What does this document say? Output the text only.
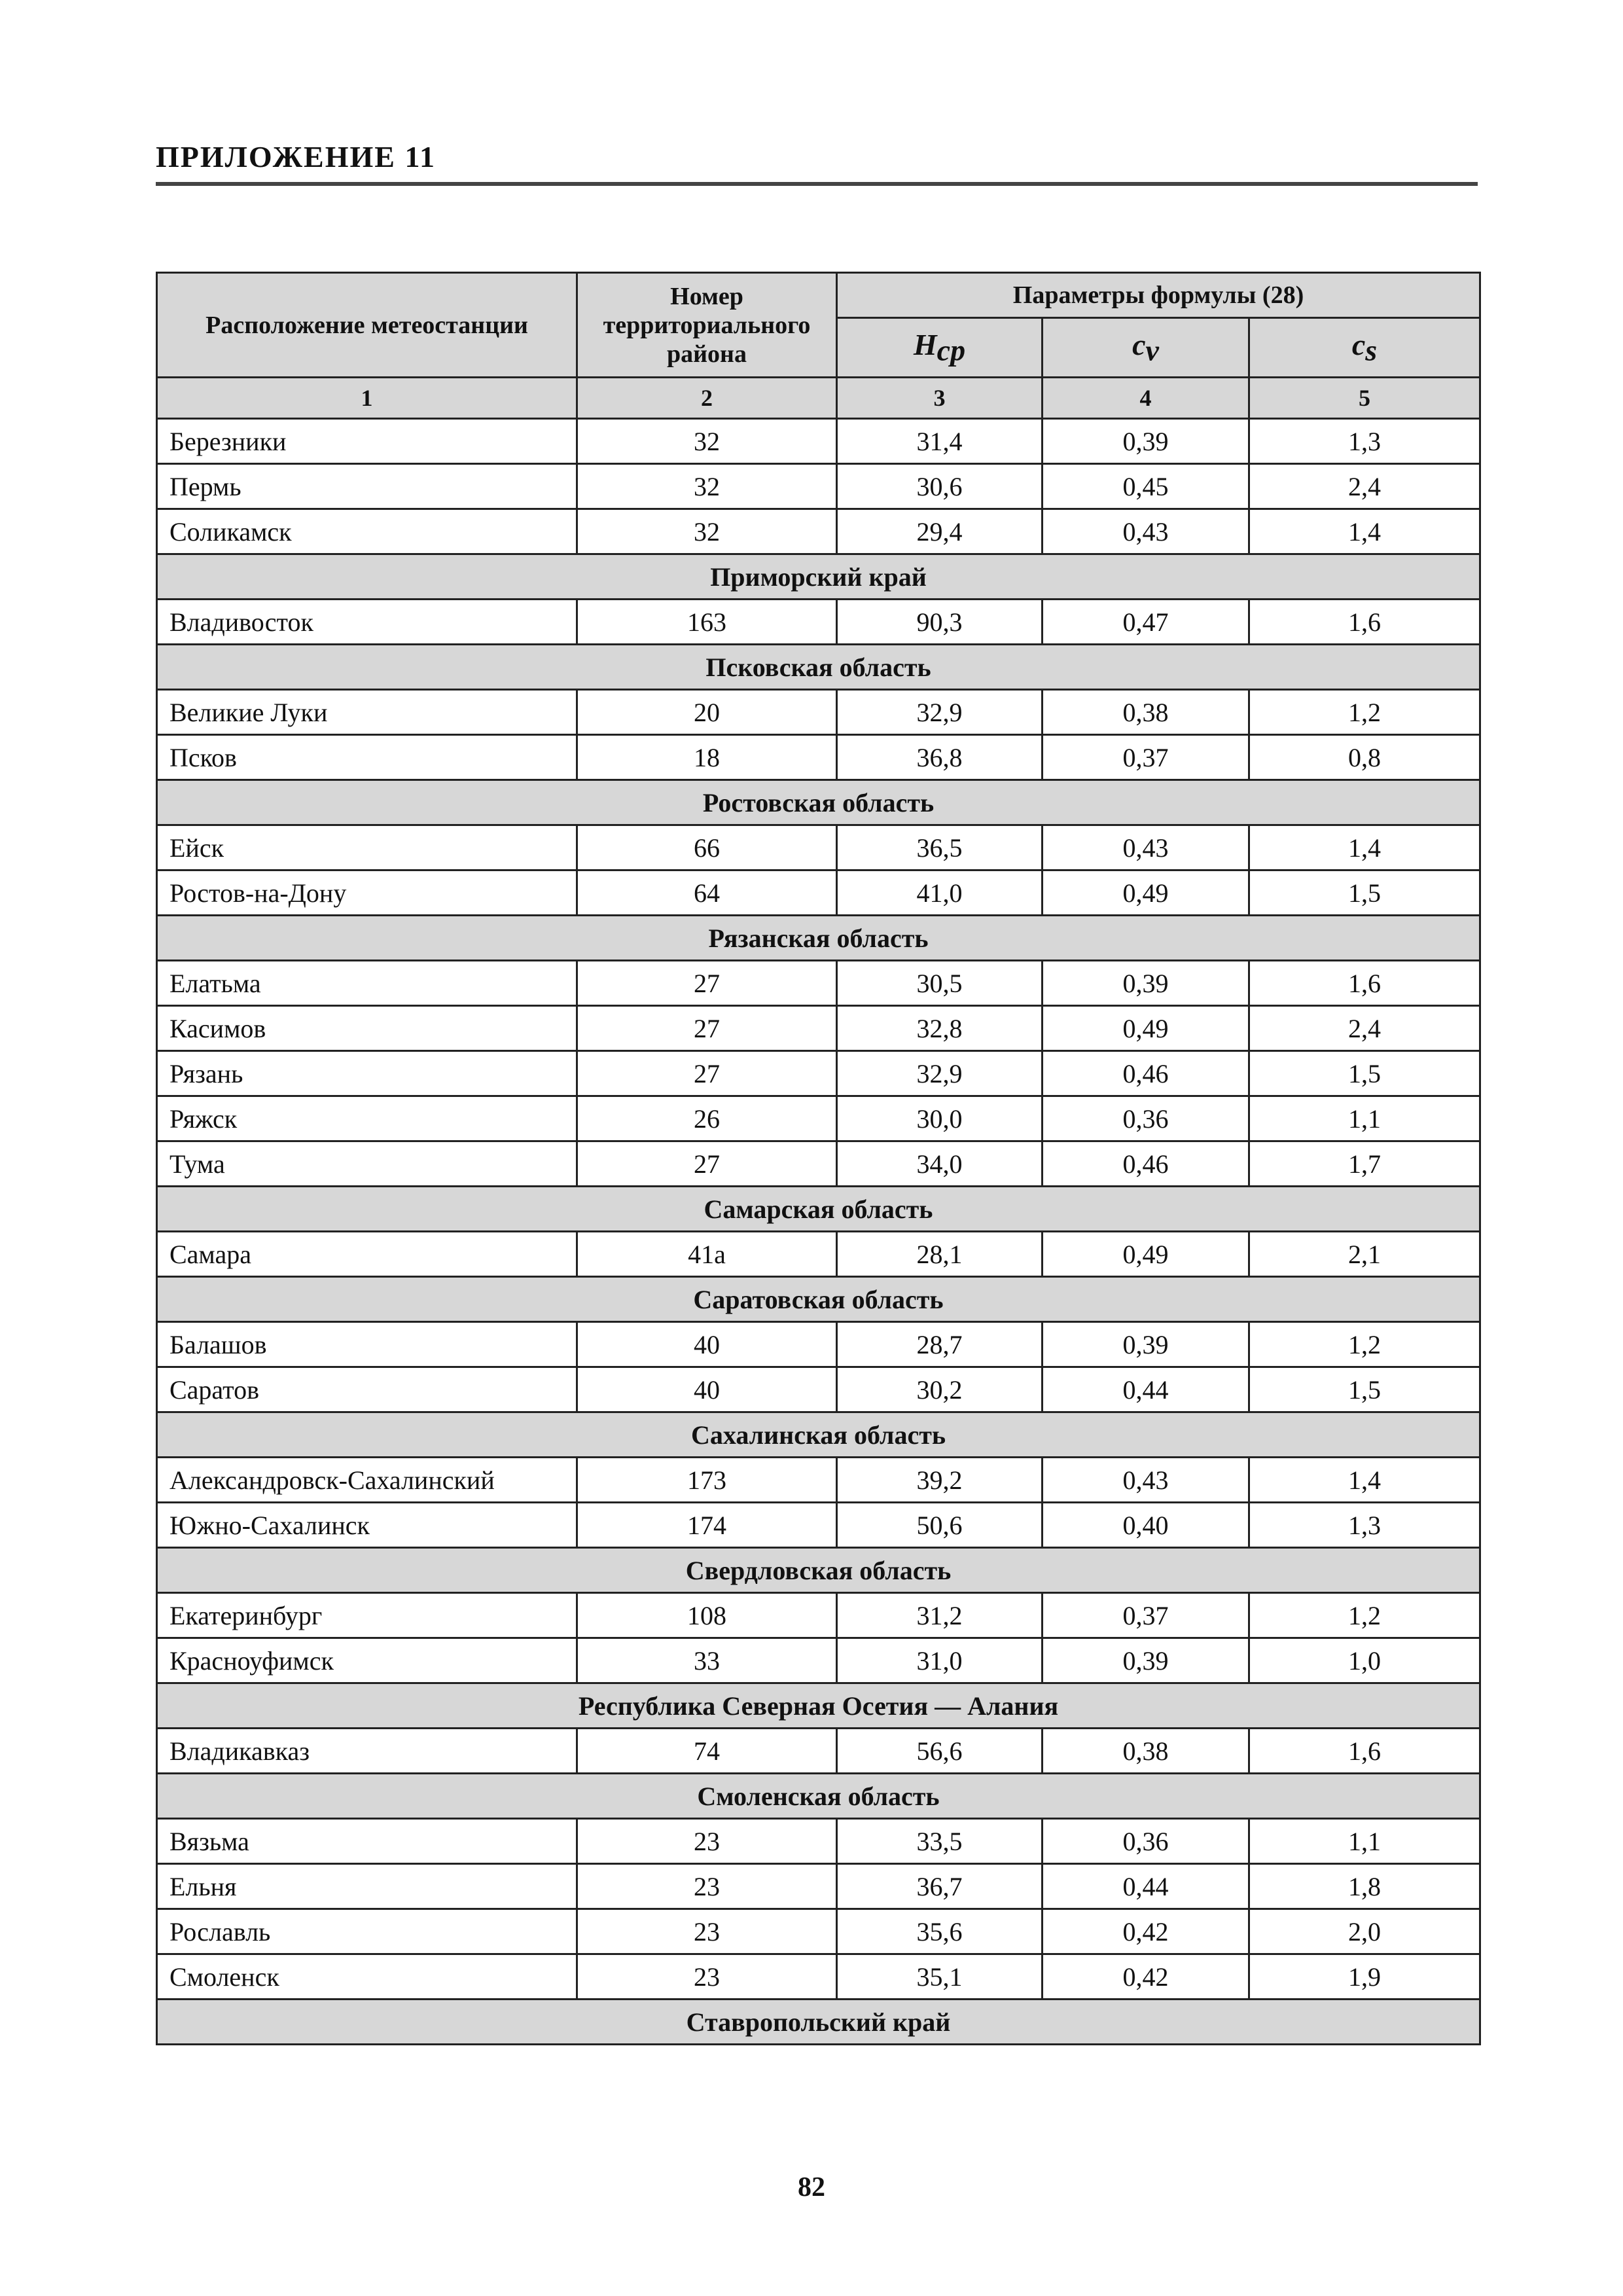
ПРИЛОЖЕНИЕ 11
Расположение метеостанции	Номер территориального района	Параметры формулы (28)		
		$H_{ср}$	$c_v$	$c_s$
1	2	3	4	5
Березники	32	31,4	0,39	1,3
Пермь	32	30,6	0,45	2,4
Соликамск	32	29,4	0,43	1,4
Приморский край				
Владивосток	163	90,3	0,47	1,6
Псковская область				
Великие Луки	20	32,9	0,38	1,2
Псков	18	36,8	0,37	0,8
Ростовская область				
Ейск	66	36,5	0,43	1,4
Ростов-на-Дону	64	41,0	0,49	1,5
Рязанская область				
Елатьма	27	30,5	0,39	1,6
Касимов	27	32,8	0,49	2,4
Рязань	27	32,9	0,46	1,5
Ряжск	26	30,0	0,36	1,1
Тума	27	34,0	0,46	1,7
Самарская область				
Самара	41а	28,1	0,49	2,1
Саратовская область				
Балашов	40	28,7	0,39	1,2
Саратов	40	30,2	0,44	1,5
Сахалинская область				
Александровск-Сахалинский	173	39,2	0,43	1,4
Южно-Сахалинск	174	50,6	0,40	1,3
Свердловская область				
Екатеринбург	108	31,2	0,37	1,2
Красноуфимск	33	31,0	0,39	1,0
Республика Северная Осетия — Алания				
Владикавказ	74	56,6	0,38	1,6
Смоленская область				
Вязьма	23	33,5	0,36	1,1
Ельня	23	36,7	0,44	1,8
Рославль	23	35,6	0,42	2,0
Смоленск	23	35,1	0,42	1,9
Ставропольский край				
82
